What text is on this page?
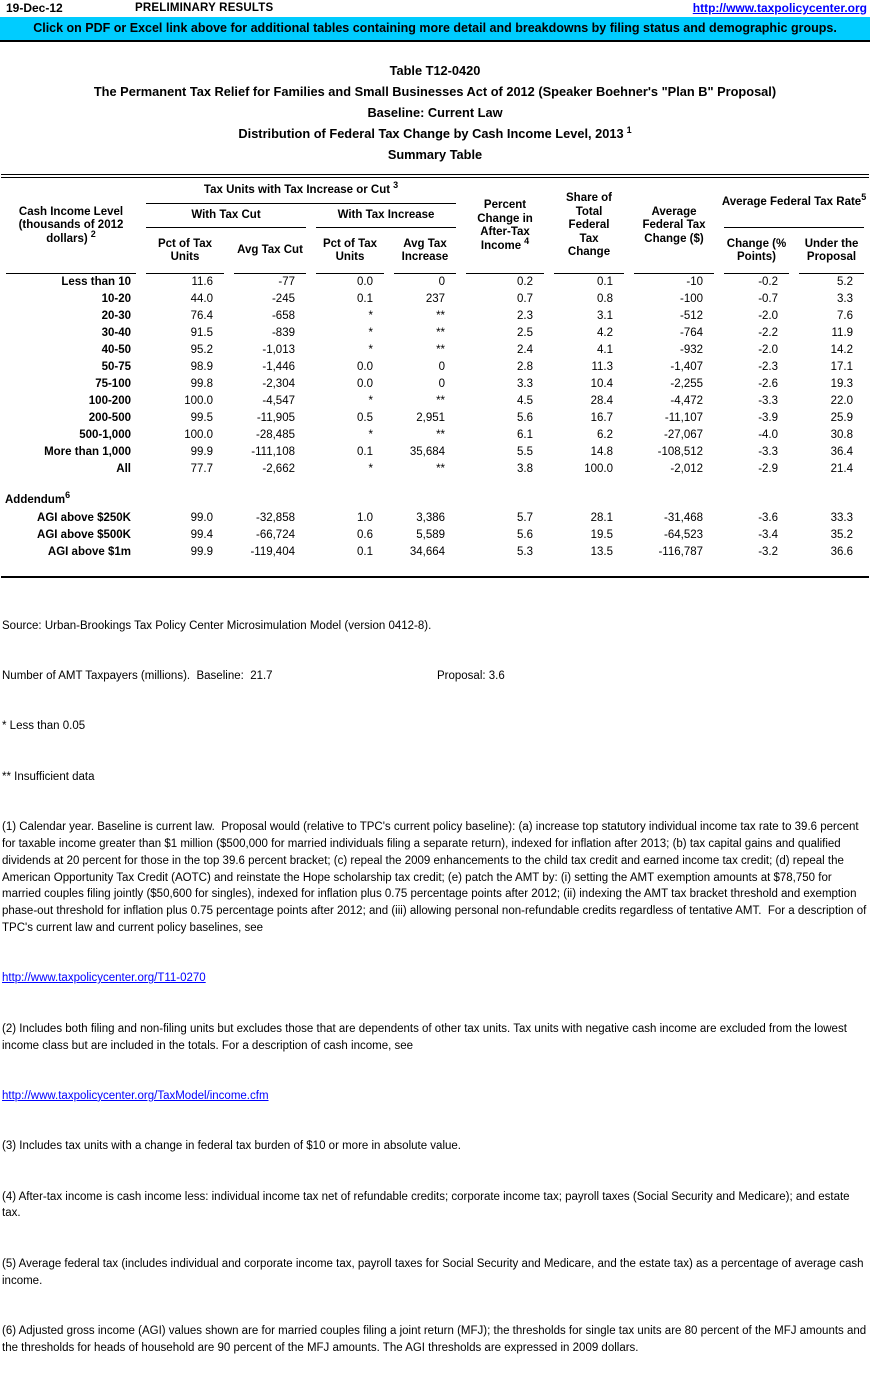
19-Dec-12	PRELIMINARY RESULTS	http://www.taxpolicycenter.org
Click on PDF or Excel link above for additional tables containing more detail and breakdowns by filing status and demographic groups.
Table T12-0420
The Permanent Tax Relief for Families and Small Businesses Act of 2012 (Speaker Boehner's "Plan B" Proposal)
Baseline: Current Law
Distribution of Federal Tax Change by Cash Income Level, 2013 $^1$
Summary Table
Cash Income Level (thousands of 2012 dollars) $^2$	Tax Units with Tax Increase or Cut $^3$				Percent Change in After-Tax Income $^4$	Share of Total Federal Tax Change	Average Federal Tax Change ($)	Average Federal Tax Rate$^5$
	With Tax Cut		With Tax Increase						
	Pct of Tax Units	Avg Tax Cut	Pct of Tax Units	Avg Tax Increase				Change (% Points)	Under the Proposal
Less than 10	11.6	-77	0.0	0	0.2	0.1	-10	-0.2	5.2
10-20	44.0	-245	0.1	237	0.7	0.8	-100	-0.7	3.3
20-30	76.4	-658	*	**	2.3	3.1	-512	-2.0	7.6
30-40	91.5	-839	*	**	2.5	4.2	-764	-2.2	11.9
40-50	95.2	-1,013	*	**	2.4	4.1	-932	-2.0	14.2
50-75	98.9	-1,446	0.0	0	2.8	11.3	-1,407	-2.3	17.1
75-100	99.8	-2,304	0.0	0	3.3	10.4	-2,255	-2.6	19.3
100-200	100.0	-4,547	*	**	4.5	28.4	-4,472	-3.3	22.0
200-500	99.5	-11,905	0.5	2,951	5.6	16.7	-11,107	-3.9	25.9
500-1,000	100.0	-28,485	*	**	6.1	6.2	-27,067	-4.0	30.8
More than 1,000	99.9	-111,108	0.1	35,684	5.5	14.8	-108,512	-3.3	36.4
All	77.7	-2,662	*	**	3.8	100.0	-2,012	-2.9	21.4

Addendum$^6$
AGI above $250K	99.0	-32,858	1.0	3,386	5.7	28.1	-31,468	-3.6	33.3
AGI above $500K	99.4	-66,724	0.6	5,589	5.6	19.5	-64,523	-3.4	35.2
AGI above $1m	99.9	-119,404	0.1	34,664	5.3	13.5	-116,787	-3.2	36.6

Source: Urban-Brookings Tax Policy Center Microsimulation Model (version 0412-8).

Number of AMT Taxpayers (millions).  Baseline:  21.7	Proposal: 3.6

* Less than 0.05

** Insufficient data

(1) Calendar year. Baseline is current law.  Proposal would (relative to TPC's current policy baseline): (a) increase top statutory individual income tax rate to 39.6 percent for taxable income greater than $1 million ($500,000 for married individuals filing a separate return), indexed for inflation after 2013; (b) tax capital gains and qualified dividends at 20 percent for those in the top 39.6 percent bracket; (c) repeal the 2009 enhancements to the child tax credit and earned income tax credit; (d) repeal the American Opportunity Tax Credit (AOTC) and reinstate the Hope scholarship tax credit; (e) patch the AMT by: (i) setting the AMT exemption amounts at $78,750 for married couples filing jointly ($50,600 for singles), indexed for inflation plus 0.75 percentage points after 2012; (ii) indexing the AMT tax bracket threshold and exemption phase-out threshold for inflation plus 0.75 percentage points after 2012; and (iii) allowing personal non-refundable credits regardless of tentative AMT.  For a description of TPC's current law and current policy baselines, see

http://www.taxpolicycenter.org/T11-0270

(2) Includes both filing and non-filing units but excludes those that are dependents of other tax units. Tax units with negative cash income are excluded from the lowest income class but are included in the totals. For a description of cash income, see

http://www.taxpolicycenter.org/TaxModel/income.cfm

(3) Includes tax units with a change in federal tax burden of $10 or more in absolute value.

(4) After-tax income is cash income less: individual income tax net of refundable credits; corporate income tax; payroll taxes (Social Security and Medicare); and estate tax.

(5) Average federal tax (includes individual and corporate income tax, payroll taxes for Social Security and Medicare, and the estate tax) as a percentage of average cash income.

(6) Adjusted gross income (AGI) values shown are for married couples filing a joint return (MFJ); the thresholds for single tax units are 80 percent of the MFJ amounts and the thresholds for heads of household are 90 percent of the MFJ amounts. The AGI thresholds are expressed in 2009 dollars.
